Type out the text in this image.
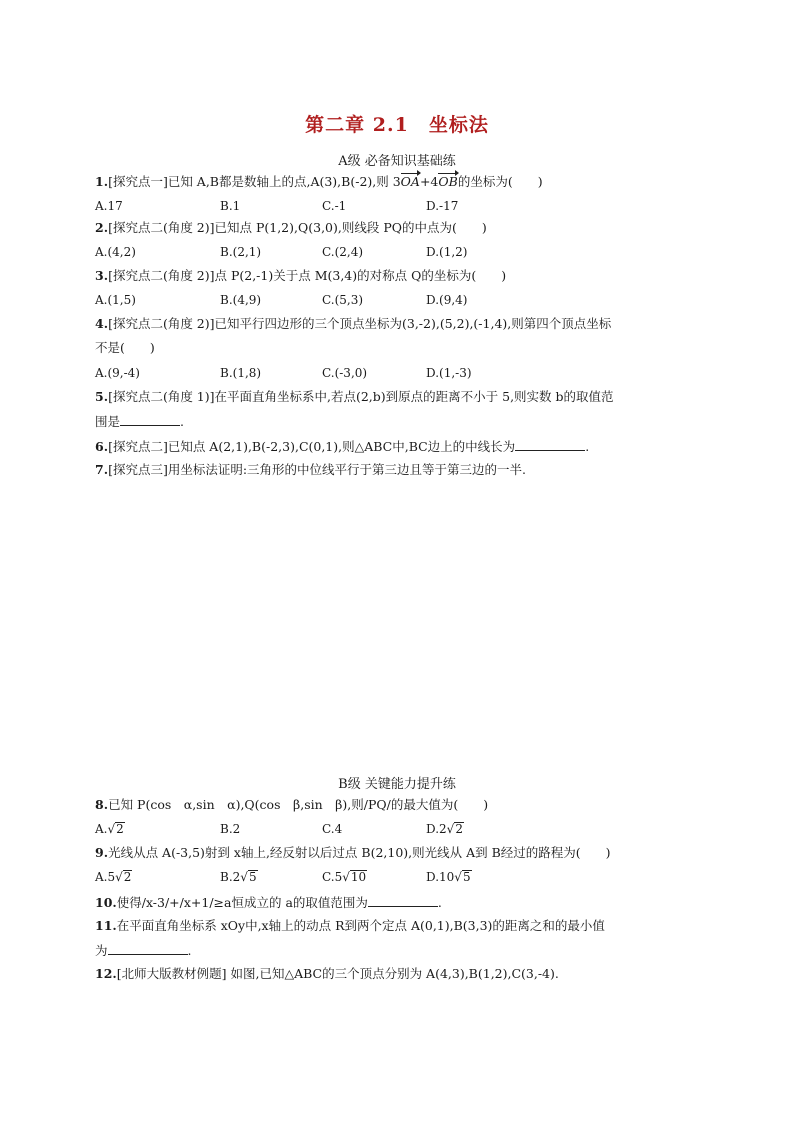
第二章 2.1　坐标法
A级 必备知识基础练
1.[探究点一]已知 A,B都是数轴上的点,A(3),B(-2),则 3OA+4OB的坐标为(　　)
A.17	B.1	C.-1	D.-17
2.[探究点二(角度 2)]已知点 P(1,2),Q(3,0),则线段 PQ的中点为(　　)
A.(4,2)	B.(2,1)	C.(2,4)	D.(1,2)
3.[探究点二(角度 2)]点 P(2,-1)关于点 M(3,4)的对称点 Q的坐标为(　　)
A.(1,5)	B.(4,9)	C.(5,3)	D.(9,4)
4.[探究点二(角度 2)]已知平行四边形的三个顶点坐标为(3,-2),(5,2),(-1,4),则第四个顶点坐标
不是(　　)
A.(9,-4)	B.(1,8)	C.(-3,0)	D.(1,-3)
5.[探究点二(角度 1)]在平面直角坐标系中,若点(2,b)到原点的距离不小于 5,则实数 b的取值范
围是	.
6.[探究点二]已知点 A(2,1),B(-2,3),C(0,1),则△ABC中,BC边上的中线长为	.
7.[探究点三]用坐标法证明:三角形的中位线平行于第三边且等于第三边的一半.
B级 关键能力提升练
8.已知 P(cos　α,sin　α),Q(cos　β,sin　β),则/PQ/的最大值为(　　)
A.√2	B.2	C.4	D.2√2
9.光线从点 A(-3,5)射到 x轴上,经反射以后过点 B(2,10),则光线从 A到 B经过的路程为(　　)
A.5√2	B.2√5	C.5√10	D.10√5
10.使得/x-3/+/x+1/≥a恒成立的 a的取值范围为	.
11.在平面直角坐标系 xOy中,x轴上的动点 R到两个定点 A(0,1),B(3,3)的距离之和的最小值
为	.
12.[北师大版教材例题] 如图,已知△ABC的三个顶点分别为 A(4,3),B(1,2),C(3,-4).
